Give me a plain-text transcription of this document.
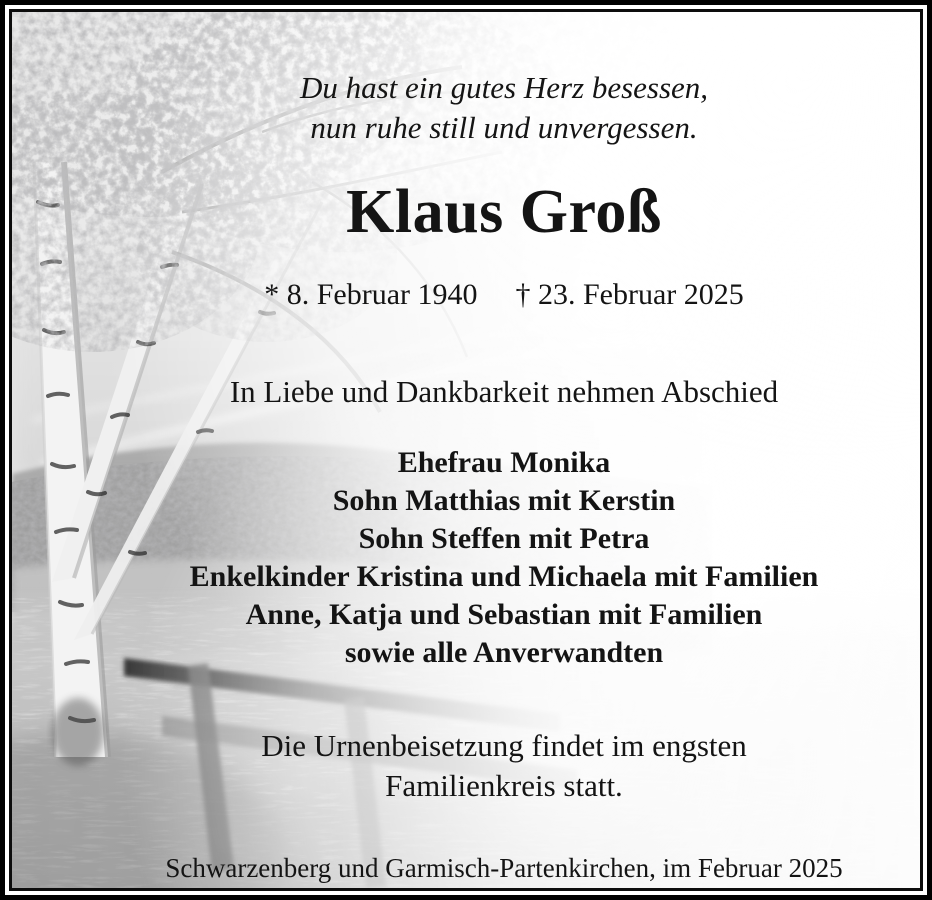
Du hast ein gutes Herz besessen,
nun ruhe still und unvergessen.
Klaus Groß
* 8. Februar 1940 † 23. Februar 2025
In Liebe und Dankbarkeit nehmen Abschied
Ehefrau Monika
Sohn Matthias mit Kerstin
Sohn Steffen mit Petra
Enkelkinder Kristina und Michaela mit Familien
Anne, Katja und Sebastian mit Familien
sowie alle Anverwandten
Die Urnenbeisetzung findet im engsten
Familienkreis statt.
Schwarzenberg und Garmisch-Partenkirchen, im Februar 2025
